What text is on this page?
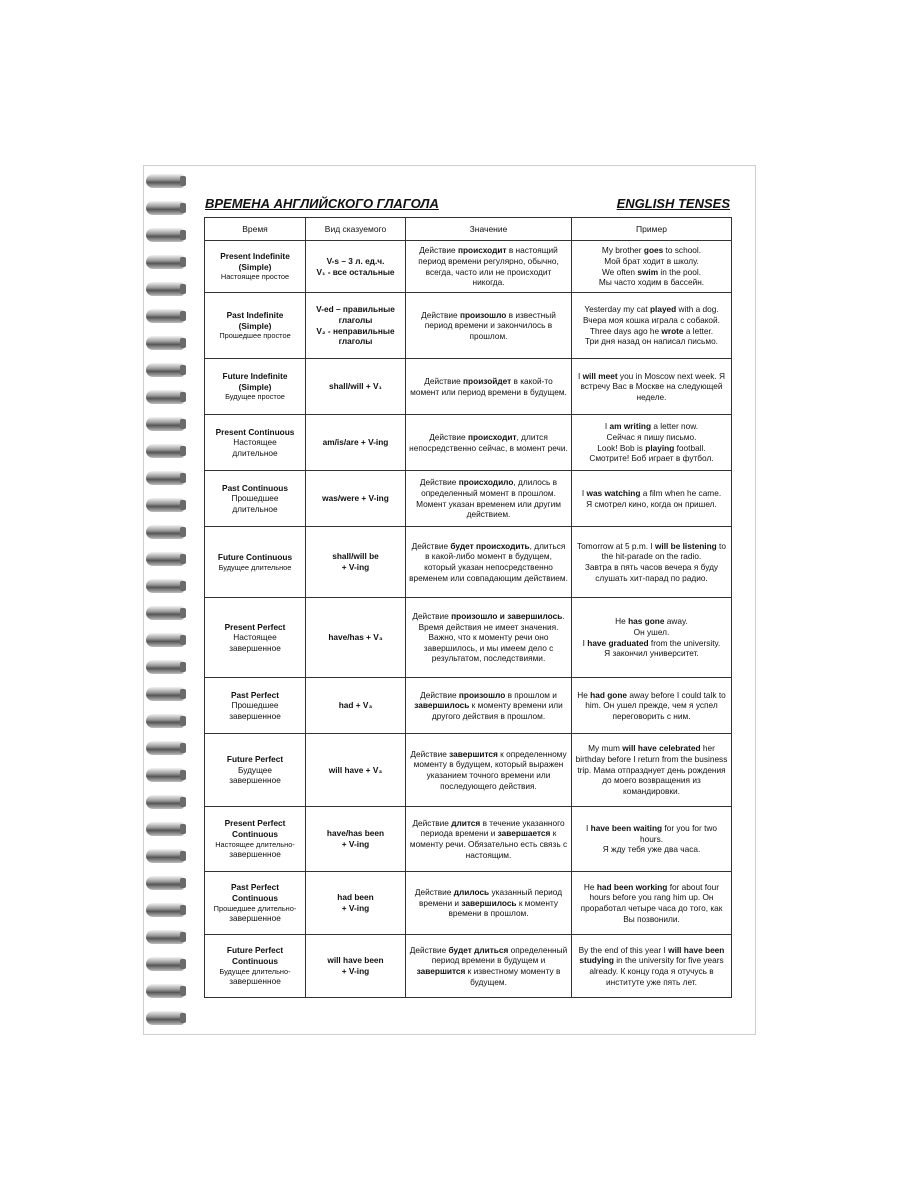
ВРЕМЕНА АНГЛИЙСКОГО ГЛАГОЛА	ENGLISH TENSES
Время	Вид сказуемого	Значение	Пример

Present Indefinite
(Simple)
Настоящее простое	V-s – 3 л. ед.ч.
V₁ - все остальные	Действие происходит в настоящий период времени регулярно, обычно, всегда, часто или не происходит никогда.	My brother goes to school.
Мой брат ходит в школу.
We often swim in the pool.
Мы часто ходим в бассейн.

Past Indefinite
(Simple)
Прошедшее простое	V-ed – правильные глаголы
V₂ - неправильные глаголы	Действие произошло в известный период времени и закончилось в прошлом.	Yesterday my cat played with a dog.
Вчера моя кошка играла с собакой.
Three days ago he wrote a letter.
Три дня назад он написал письмо.

Future Indefinite
(Simple)
Будущее простое	shall/will + V₁	Действие произойдет в какой-то момент или период времени в будущем.	I will meet you in Moscow next week. Я встречу Вас в Москве на следующей неделе.

Present Continuous
Настоящее
длительное	am/is/are + V-ing	Действие происходит, длится непосредственно сейчас, в момент речи.	I am writing a letter now.
Сейчас я пишу письмо.
Look! Bob is playing football.
Смотрите! Боб играет в футбол.

Past Continuous
Прошедшее
длительное	was/were + V-ing	Действие происходило, длилось в определенный момент в прошлом. Момент указан временем или другим действием.	I was watching a film when he came.
Я смотрел кино, когда он пришел.

Future Continuous
Будущее длительное	shall/will be
+ V-ing	Действие будет происходить, длиться в какой-либо момент в будущем, который указан непосредственно временем или совпадающим действием.	Tomorrow at 5 p.m. I will be listening to the hit-parade on the radio.
Завтра в пять часов вечера я буду слушать хит-парад по радио.

Present Perfect
Настоящее
завершенное	have/has + V₃	Действие произошло и завершилось. Время действия не имеет значения. Важно, что к моменту речи оно завершилось, и мы имеем дело с результатом, последствиями.	He has gone away.
Он ушел.
I have graduated from the university.
Я закончил университет.

Past Perfect
Прошедшее
завершенное	had + V₃	Действие произошло в прошлом и завершилось к моменту времени или другого действия в прошлом.	He had gone away before I could talk to him. Он ушел прежде, чем я успел переговорить с ним.

Future Perfect
Будущее
завершенное	will have + V₃	Действие завершится к определенному моменту в будущем, который выражен указанием точного времени или последующего действия.	My mum will have celebrated her birthday before I return from the business trip. Мама отпразднует день рождения до моего возвращения из командировки.

Present Perfect
Continuous
Настоящее длительно-
завершенное	have/has been
+ V-ing	Действие длится в течение указанного периода времени и завершается к моменту речи. Обязательно есть связь с настоящим.	I have been waiting for you for two hours.
Я жду тебя уже два часа.

Past Perfect
Continuous
Прошедшее длительно-
завершенное	had been
+ V-ing	Действие длилось указанный период времени и завершилось к моменту времени в прошлом.	He had been working for about four hours before you rang him up. Он проработал четыре часа до того, как Вы позвонили.

Future Perfect
Continuous
Будущее длительно-
завершенное	will have been
+ V-ing	Действие будет длиться определенный период времени в будущем и завершится к известному моменту в будущем.	By the end of this year I will have been studying in the university for five years already. К концу года я отучусь в институте уже пять лет.
